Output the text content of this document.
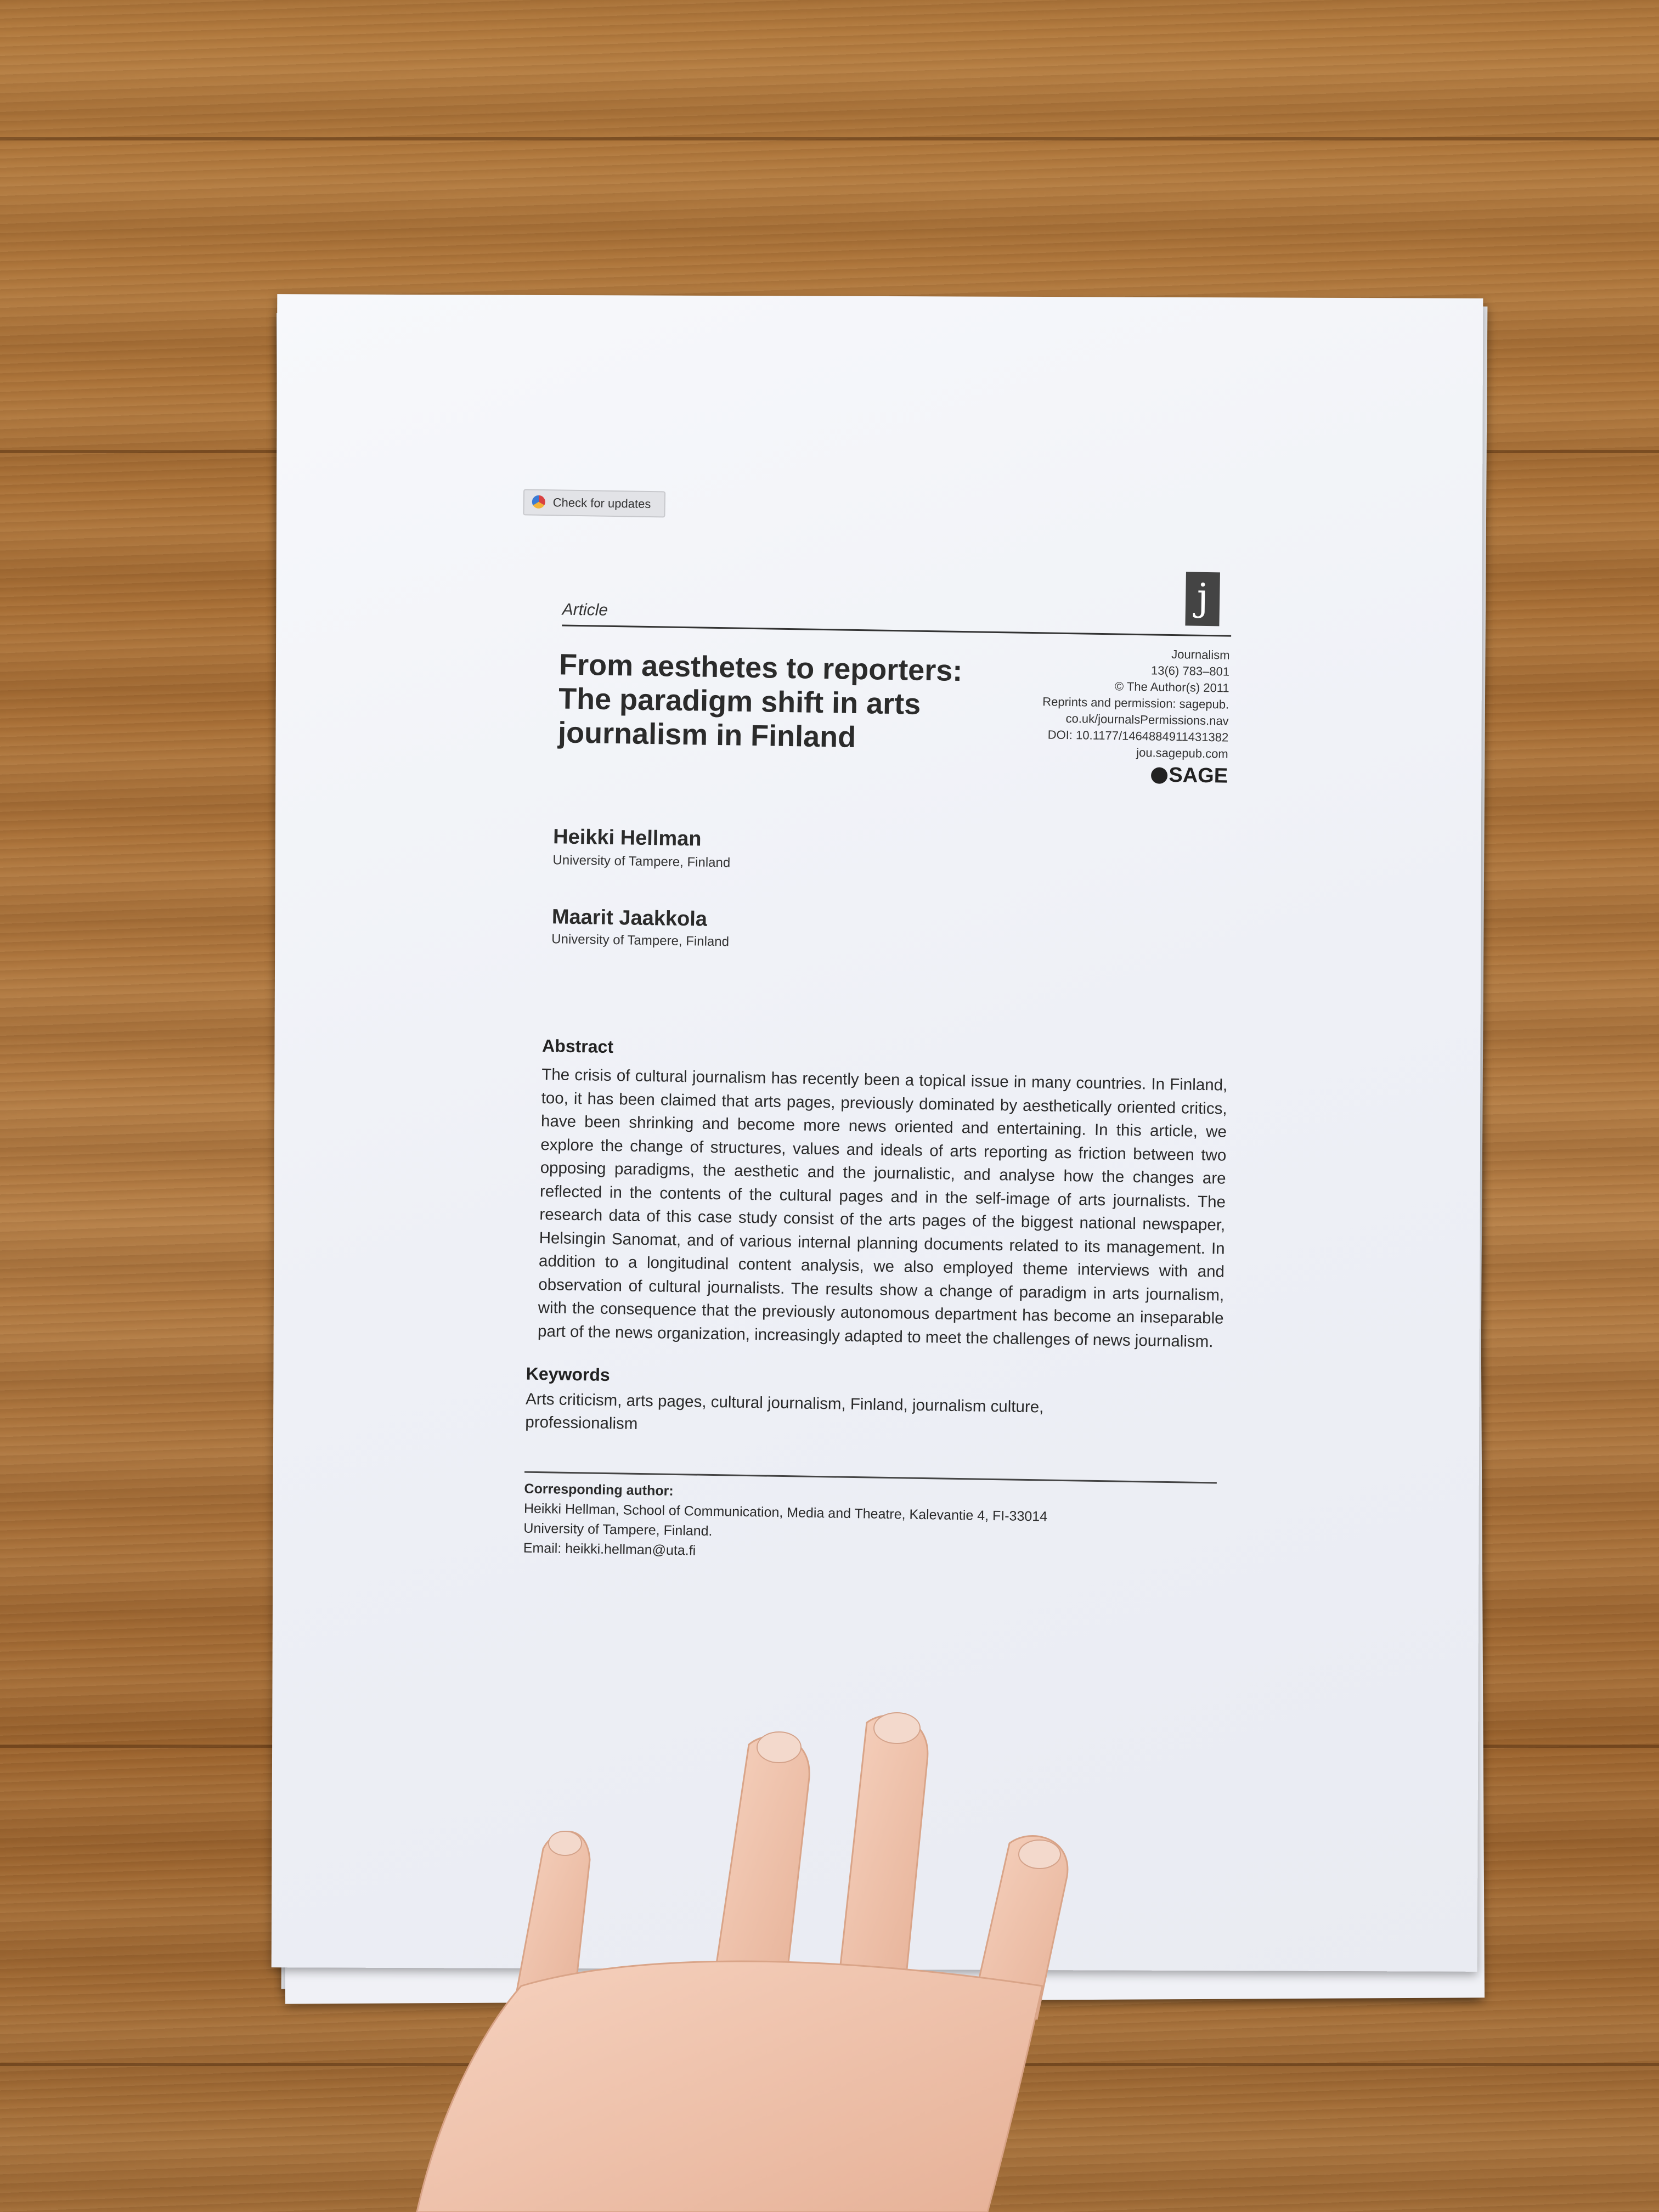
Check for updates
j
Article
From aesthetes to reporters: The paradigm shift in arts journalism in Finland
Journalism
13(6) 783–801
© The Author(s) 2011
Reprints and permission: sagepub.
co.uk/journalsPermissions.nav
DOI: 10.1177/1464884911431382
jou.sagepub.com
SAGE
Heikki Hellman
University of Tampere, Finland
Maarit Jaakkola
University of Tampere, Finland
Abstract
The crisis of cultural journalism has recently been a topical issue in many countries. In Finland, too, it has been claimed that arts pages, previously dominated by aesthetically oriented critics, have been shrinking and become more news oriented and entertaining. In this article, we explore the change of structures, values and ideals of arts reporting as friction between two opposing paradigms, the aesthetic and the journalistic, and analyse how the changes are reflected in the contents of the cultural pages and in the self-image of arts journalists. The research data of this case study consist of the arts pages of the biggest national newspaper, Helsingin Sanomat, and of various internal planning documents related to its management. In addition to a longitudinal content analysis, we also employed theme interviews with and observation of cultural journalists. The results show a change of paradigm in arts journalism, with the consequence that the previously autonomous department has become an inseparable part of the news organization, increasingly adapted to meet the challenges of news journalism.
Keywords
Arts criticism, arts pages, cultural journalism, Finland, journalism culture, professionalism
Corresponding author:
Heikki Hellman, School of Communication, Media and Theatre, Kalevantie 4, FI-33014
University of Tampere, Finland.
Email: heikki.hellman@uta.fi
